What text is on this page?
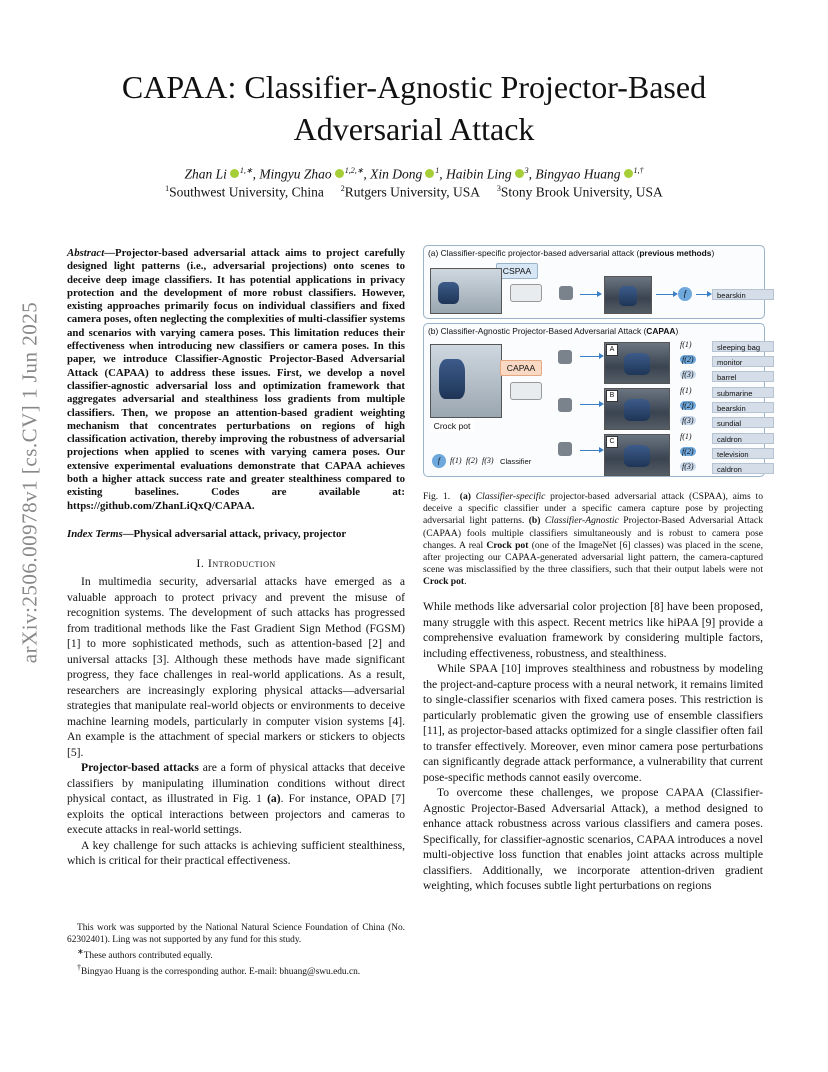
arXiv:2506.00978v1 [cs.CV] 1 Jun 2025
CAPAA: Classifier-Agnostic Projector-Based
Adversarial Attack
Zhan Li $^{1,∗}$, Mingyu Zhao $^{1,2,∗}$, Xin Dong $^1$, Haibin Ling $^3$, Bingyao Huang $^{1,\dagger}$
$^1$Southwest University, China $^2$Rutgers University, USA $^3$Stony Brook University, USA
Abstract—Projector-based adversarial attack aims to project carefully designed light patterns (i.e., adversarial projections) onto scenes to deceive deep image classifiers. It has potential applications in privacy protection and the development of more robust classifiers. However, existing approaches primarily focus on individual classifiers and fixed camera poses, often neglecting the complexities of multi-classifier systems and scenarios with varying camera poses. This limitation reduces their effectiveness when introducing new classifiers or camera poses. In this paper, we introduce Classifier-Agnostic Projector-Based Adversarial Attack (CAPAA) to address these issues. First, we develop a novel classifier-agnostic adversarial loss and optimization framework that aggregates adversarial and stealthiness loss gradients from multiple classifiers. Then, we propose an attention-based gradient weighting mechanism that concentrates perturbations on regions of high classification activation, thereby improving the robustness of adversarial projections when applied to scenes with varying camera poses. Our extensive experimental evaluations demonstrate that CAPAA achieves both a higher attack success rate and greater stealthiness compared to existing baselines. Codes are available at: https://github.com/ZhanLiQxQ/CAPAA.
Index Terms—Physical adversarial attack, privacy, projector
I. Introduction

In multimedia security, adversarial attacks have emerged as a valuable approach to protect privacy and prevent the misuse of recognition systems. The development of such attacks has progressed from traditional methods like the Fast Gradient Sign Method (FGSM) [1] to more sophisticated methods, such as attention-based [2] and universal attacks [3]. Although these methods have made significant progress, they face challenges in real-world applications. As a result, researchers are increasingly exploring physical attacks—adversarial strategies that manipulate real-world objects or environments to deceive machine learning models, particularly in computer vision systems [4]. An example is the attachment of special markers or stickers to objects [5].

Projector-based attacks are a form of physical attacks that deceive classifiers by manipulating illumination conditions without direct physical contact, as illustrated in Fig. 1 (a). For instance, OPAD [7] exploits the optical interactions between projectors and cameras to execute attacks in real-world settings.

A key challenge for such attacks is achieving sufficient stealthiness, which is critical for their practical effectiveness.

This work was supported by the National Natural Science Foundation of China (No. 62302401). Ling was not supported by any fund for this study.

∗These authors contributed equally.

†Bingyao Huang is the corresponding author. E-mail: bhuang@swu.edu.cn.

(a) Classifier-specific projector-based adversarial attack (previous methods)
CSPAA
f	bearskin
(b) Classifier-Agnostic Projector-Based Adversarial Attack (CAPAA)
CAPAA
Crock pot
f	f(1) f(2) f(3) Classifier
A
B
C
f(1)
f(2)
f(3)
sleeping bag
monitor
barrel
f(1)
f(2)
f(3)
submarine
bearskin
sundial
f(1)
f(2)
f(3)
caldron
television
caldron
Fig. 1. (a) Classifier-specific projector-based adversarial attack (CSPAA), aims to deceive a specific classifier under a specific camera capture pose by projecting adversarial light patterns. (b) Classifier-Agnostic Projector-Based Adversarial Attack (CAPAA) fools multiple classifiers simultaneously and is robust to camera pose changes. A real Crock pot (one of the ImageNet [6] classes) was placed in the scene, after projecting our CAPAA-generated adversarial light pattern, the camera-captured scene was misclassified by the three classifiers, such that their output labels were not Crock pot.

While methods like adversarial color projection [8] have been proposed, many struggle with this aspect. Recent metrics like hiPAA [9] provide a comprehensive evaluation framework by considering multiple factors, including effectiveness, robustness, and stealthiness.

While SPAA [10] improves stealthiness and robustness by modeling the project-and-capture process with a neural network, it remains limited to single-classifier scenarios with fixed camera poses. This restriction is particularly problematic given the growing use of ensemble classifiers [11], as projector-based attacks optimized for a single classifier often fail to transfer effectively. Moreover, even minor camera pose perturbations can significantly degrade attack performance, a vulnerability that current pose-specific methods cannot easily overcome.

To overcome these challenges, we propose CAPAA (Classifier-Agnostic Projector-Based Adversarial Attack), a method designed to enhance attack robustness across various classifiers and camera poses. Specifically, for classifier-agnostic scenarios, CAPAA introduces a novel multi-objective loss function that enables joint attacks across multiple classifiers. Additionally, we incorporate attention-driven gradient weighting, which focuses subtle light perturbations on regions
